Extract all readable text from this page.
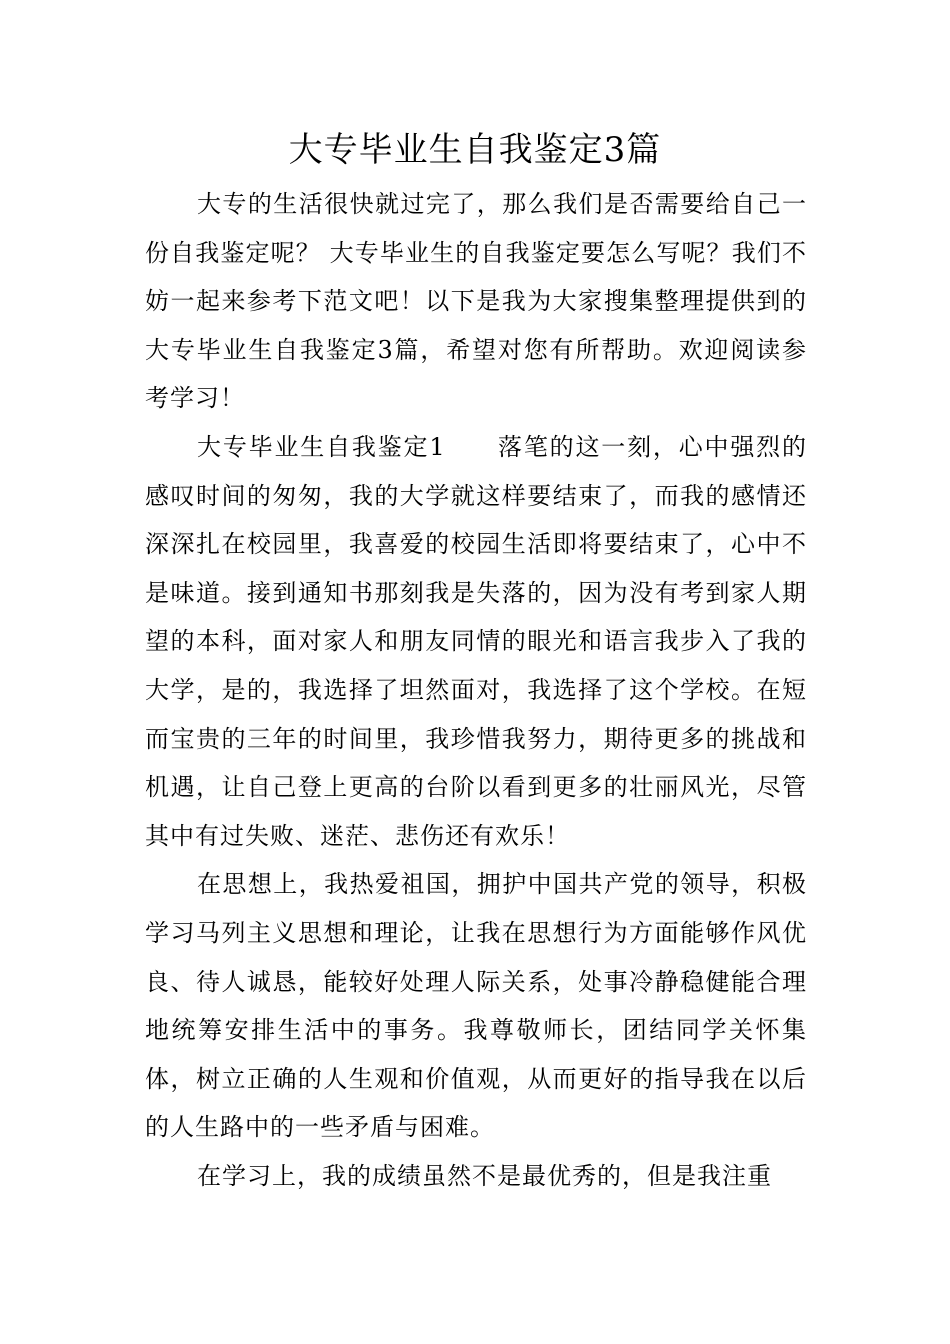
大专毕业生自我鉴定3篇

大专的生活很快就过完了，那么我们是否需要给自己一份自我鉴定呢？ 大专毕业生的自我鉴定要怎么写呢？我们不妨一起来参考下范文吧！以下是我为大家搜集整理提供到的大专毕业生自我鉴定3篇，希望对您有所帮助。欢迎阅读参考学习！

大专毕业生自我鉴定1　　落笔的这一刻，心中强烈的感叹时间的匆匆，我的大学就这样要结束了，而我的感情还深深扎在校园里，我喜爱的校园生活即将要结束了，心中不是味道。接到通知书那刻我是失落的，因为没有考到家人期望的本科，面对家人和朋友同情的眼光和语言我步入了我的大学，是的，我选择了坦然面对，我选择了这个学校。在短而宝贵的三年的时间里，我珍惜我努力，期待更多的挑战和机遇，让自己登上更高的台阶以看到更多的壮丽风光，尽管其中有过失败、迷茫、悲伤还有欢乐！

在思想上，我热爱祖国，拥护中国共产党的领导，积极学习马列主义思想和理论，让我在思想行为方面能够作风优良、待人诚恳，能较好处理人际关系，处事冷静稳健能合理地统筹安排生活中的事务。我尊敬师长，团结同学关怀集体，树立正确的人生观和价值观，从而更好的指导我在以后的人生路中的一些矛盾与困难。

在学习上，我的成绩虽然不是最优秀的，但是我注重
